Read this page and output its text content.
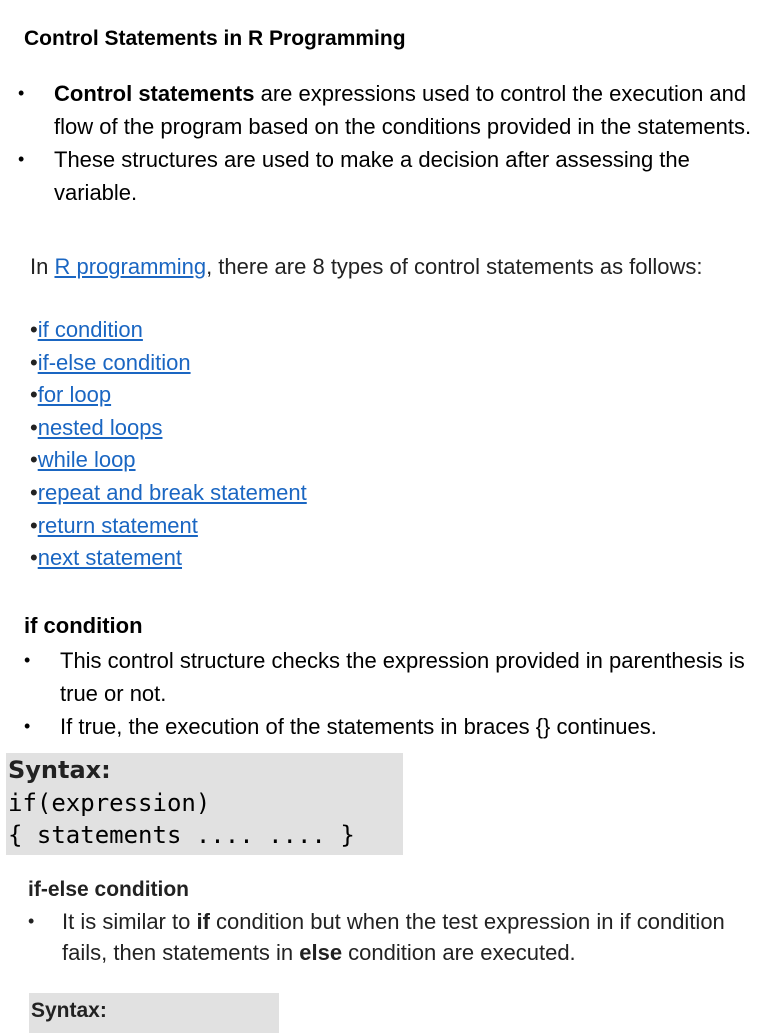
Control Statements in R Programming
• Control statements are expressions used to control the execution and flow of the program based on the conditions provided in the statements.
• These structures are used to make a decision after assessing the variable.

In R programming, there are 8 types of control statements as follows:

•if condition
•if-else condition
•for loop
•nested loops
•while loop
•repeat and break statement
•return statement
•next statement
if condition
• This control structure checks the expression provided in parenthesis is true or not.
• If true, the execution of the statements in braces {} continues.
Syntax:
if(expression)
{ statements .... .... }
if-else condition
• It is similar to if condition but when the test expression in if condition fails, then statements in else condition are executed.
Syntax:
